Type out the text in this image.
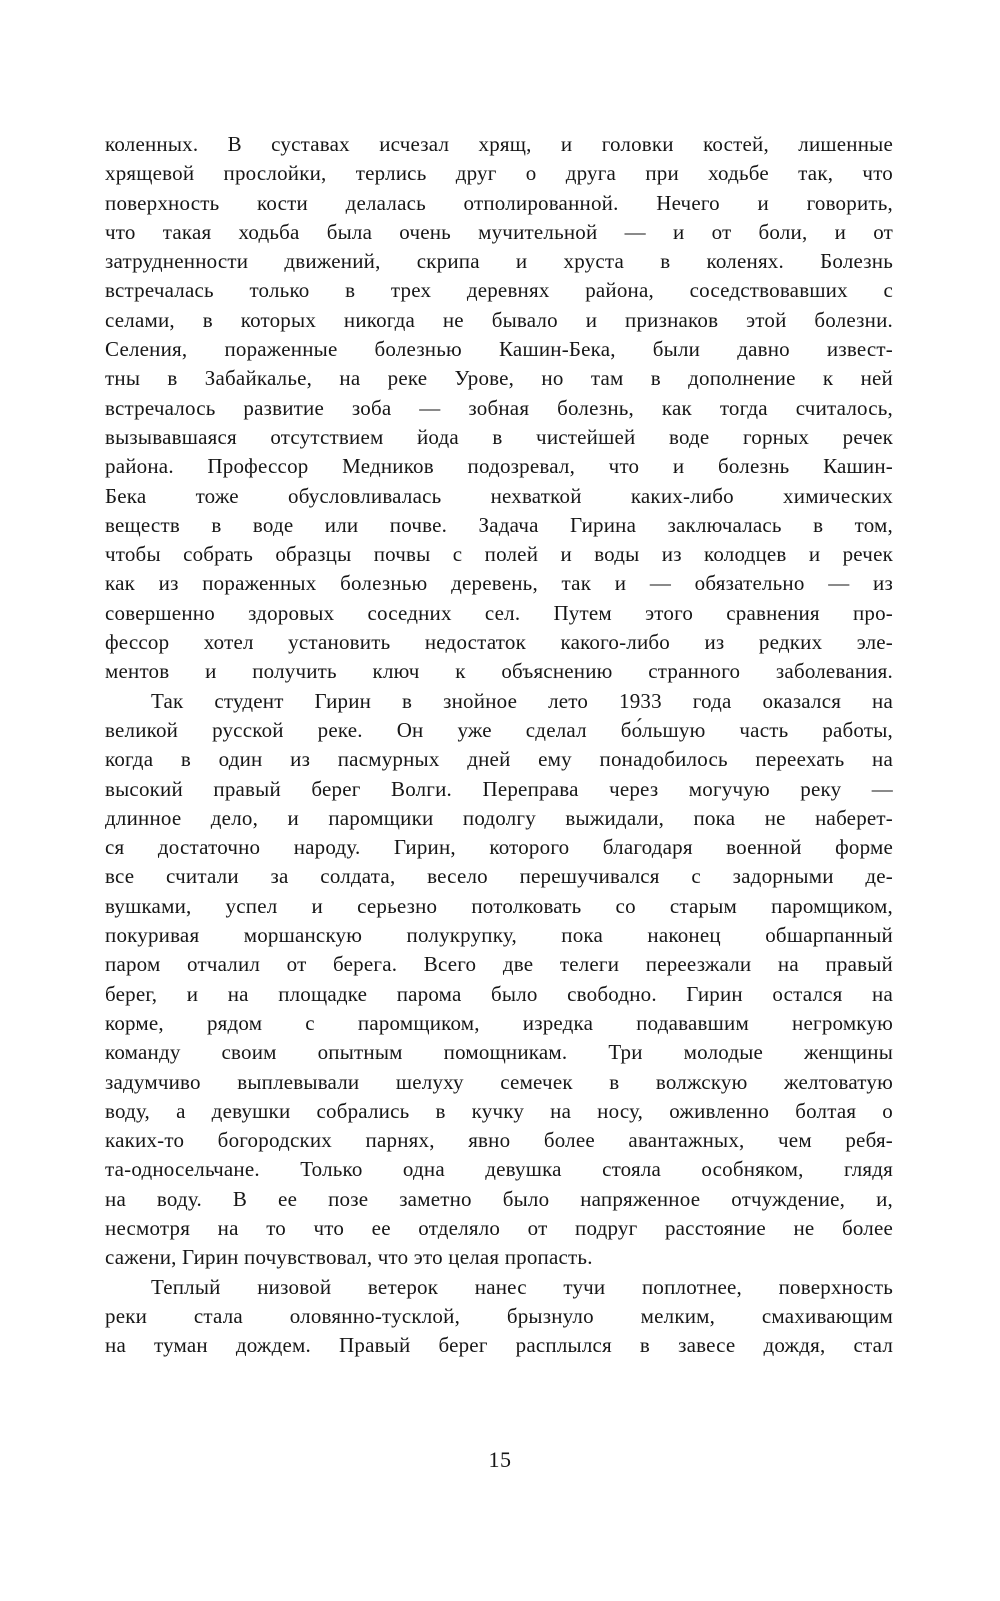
коленных. В суставах исчезал хрящ, и головки костей, лишенные
хрящевой прослойки, терлись друг о друга при ходьбе так, что
поверхность кости делалась отполированной. Нечего и говорить,
что такая ходьба была очень мучительной — и от боли, и от
затрудненности движений, скрипа и хруста в коленях. Болезнь
встречалась только в трех деревнях района, соседствовавших с
селами, в которых никогда не бывало и признаков этой болезни.
Селения, пораженные болезнью Кашин-Бека, были давно извест-
тны в Забайкалье, на реке Урове, но там в дополнение к ней
встречалось развитие зоба — зобная болезнь, как тогда считалось,
вызывавшаяся отсутствием йода в чистейшей воде горных речек
района. Профессор Медников подозревал, что и болезнь Кашин-
Бека тоже обусловливалась нехваткой каких-либо химических
веществ в воде или почве. Задача Гирина заключалась в том,
чтобы собрать образцы почвы с полей и воды из колодцев и речек
как из пораженных болезнью деревень, так и — обязательно — из
совершенно здоровых соседних сел. Путем этого сравнения про-
фессор хотел установить недостаток какого-либо из редких эле-
ментов и получить ключ к объяснению странного заболевания.
Так студент Гирин в знойное лето 1933 года оказался на
великой русской реке. Он уже сделал бо́льшую часть работы,
когда в один из пасмурных дней ему понадобилось переехать на
высокий правый берег Волги. Переправа через могучую реку —
длинное дело, и паромщики подолгу выжидали, пока не наберет-
ся достаточно народу. Гирин, которого благодаря военной форме
все считали за солдата, весело перешучивался с задорными де-
вушками, успел и серьезно потолковать со старым паромщиком,
покуривая моршанскую полукрупку, пока наконец обшарпанный
паром отчалил от берега. Всего две телеги переезжали на правый
берег, и на площадке парома было свободно. Гирин остался на
корме, рядом с паромщиком, изредка подававшим негромкую
команду своим опытным помощникам. Три молодые женщины
задумчиво выплевывали шелуху семечек в волжскую желтоватую
воду, а девушки собрались в кучку на носу, оживленно болтая о
каких-то богородских парнях, явно более авантажных, чем ребя-
та-односельчане. Только одна девушка стояла особняком, глядя
на воду. В ее позе заметно было напряженное отчуждение, и,
несмотря на то что ее отделяло от подруг расстояние не более
сажени, Гирин почувствовал, что это целая пропасть.
Теплый низовой ветерок нанес тучи поплотнее, поверхность
реки стала оловянно-тусклой, брызнуло мелким, смахивающим
на туман дождем. Правый берег расплылся в завесе дождя, стал
15
